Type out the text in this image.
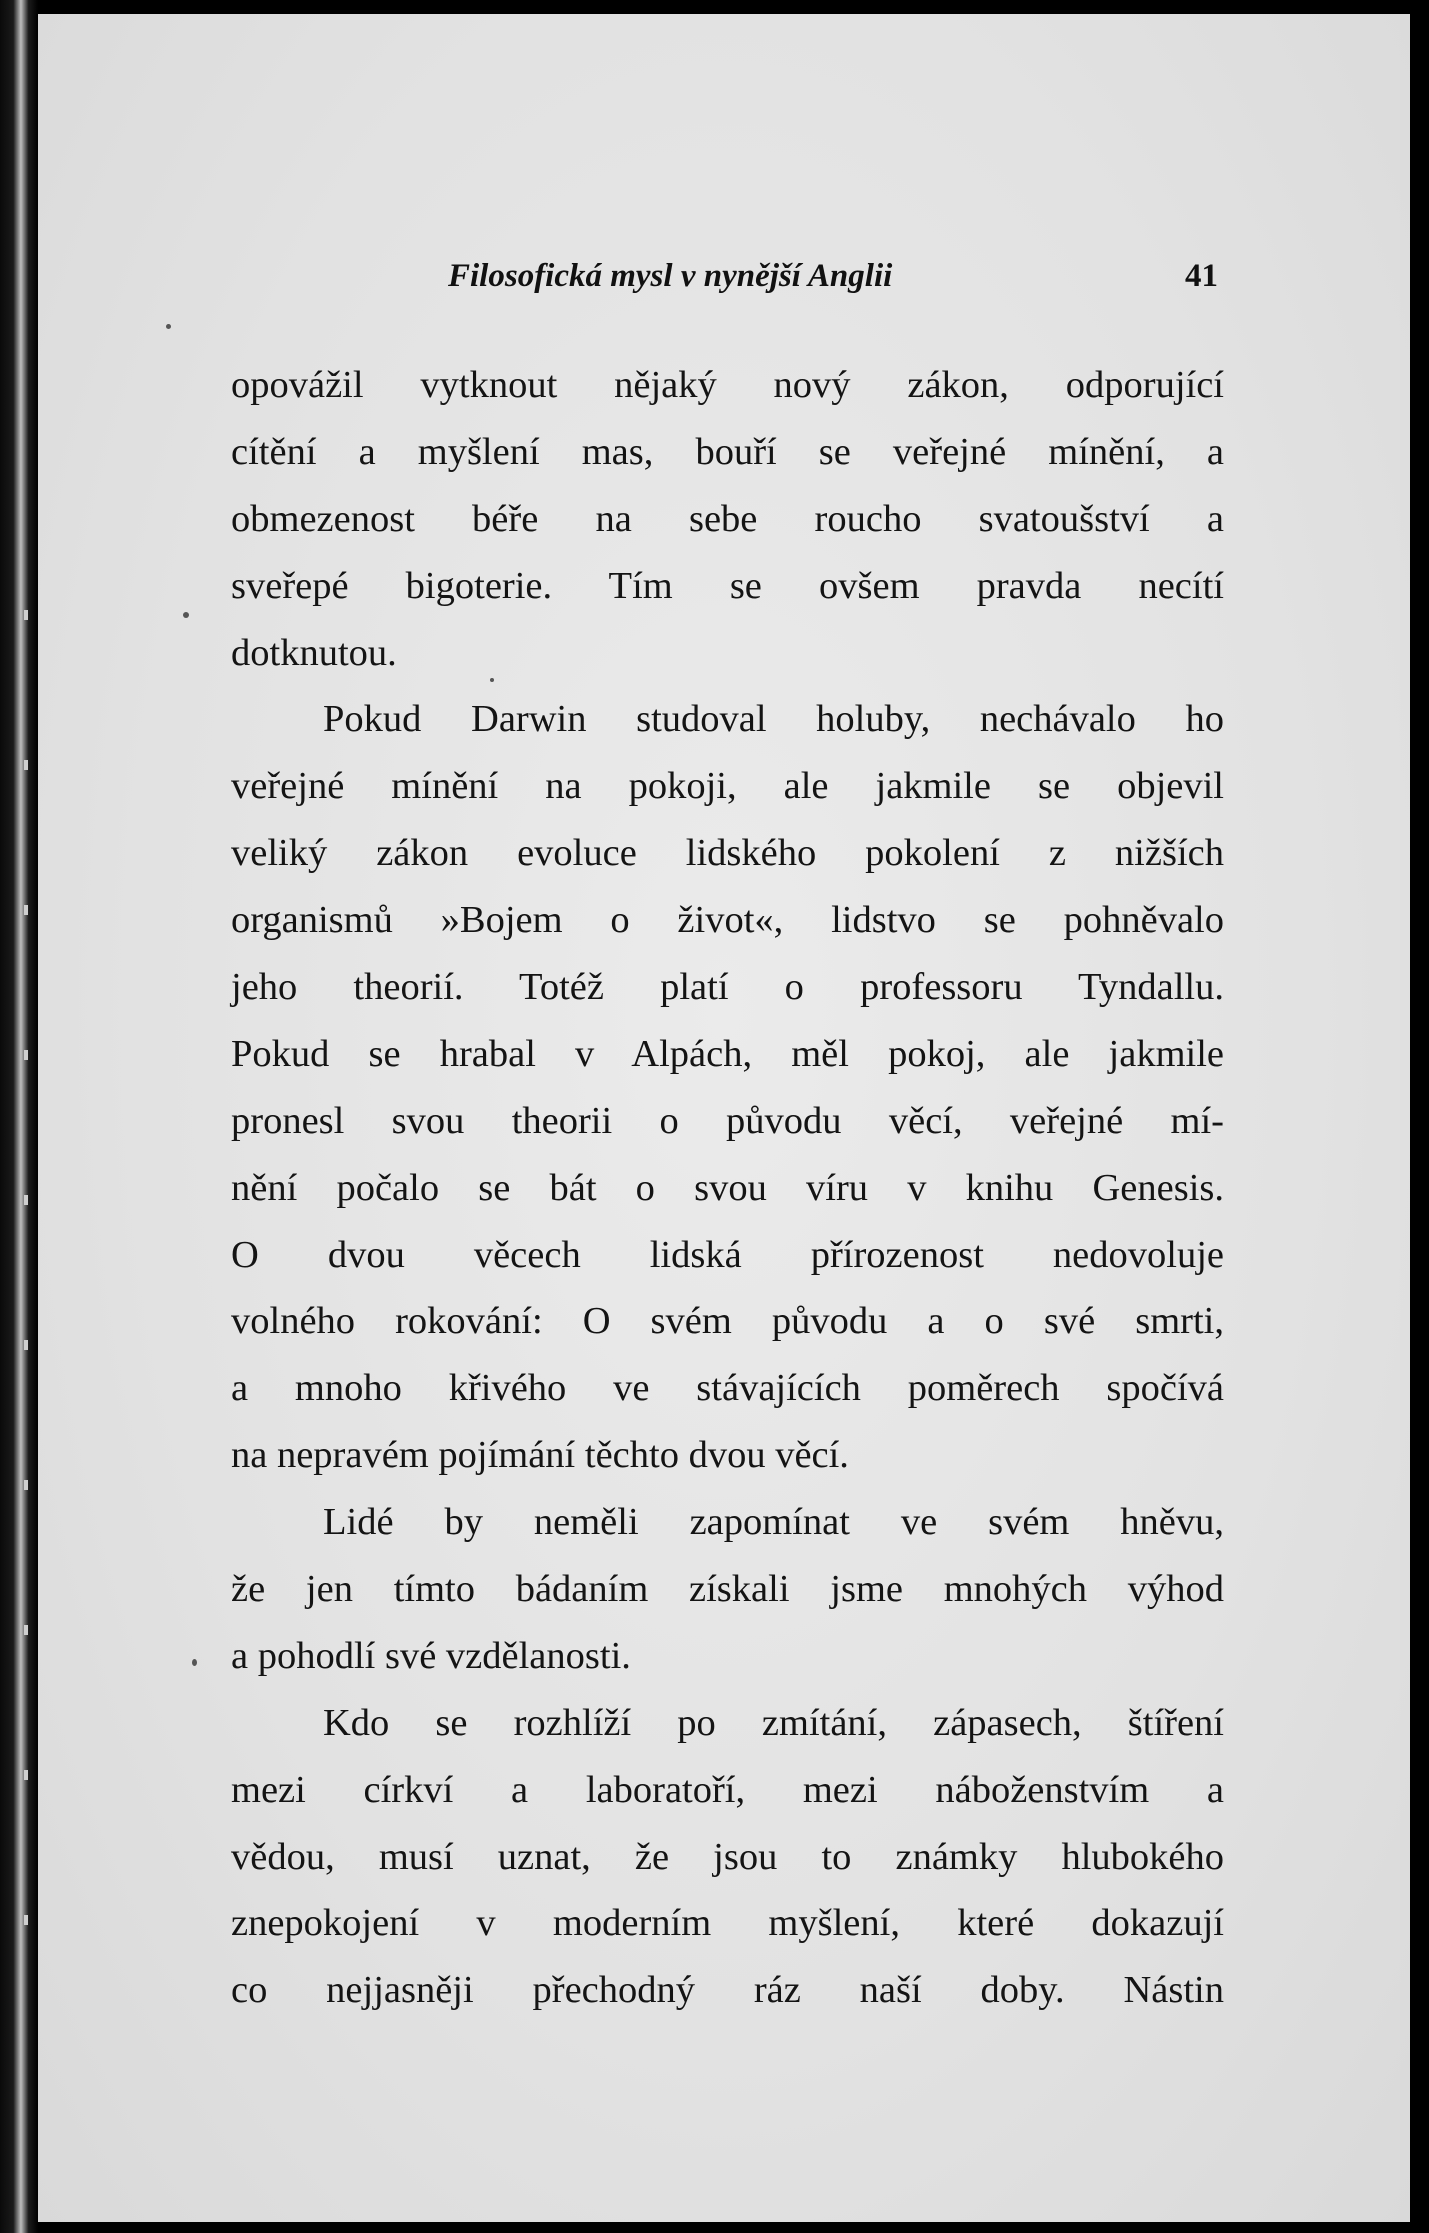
Filosofická mysl v nynější Anglii	41
opovážil vytknout nějaký nový zákon, odporující
cítění a myšlení mas, bouří se veřejné mínění, a
obmezenost béře na sebe roucho svatoušství a
sveřepé bigoterie. Tím se ovšem pravda necítí
dotknutou.
Pokud Darwin studoval holuby, nechávalo ho
veřejné mínění na pokoji, ale jakmile se objevil
veliký zákon evoluce lidského pokolení z nižších
organismů »Bojem o život«, lidstvo se pohněvalo
jeho theorií. Totéž platí o professoru Tyndallu.
Pokud se hrabal v Alpách, měl pokoj, ale jakmile
pronesl svou theorii o původu věcí, veřejné mí-
nění počalo se bát o svou víru v knihu Genesis.
O dvou věcech lidská přírozenost nedovoluje
volného rokování: O svém původu a o své smrti,
a mnoho křivého ve stávajících poměrech spočívá
na nepravém pojímání těchto dvou věcí.
Lidé by neměli zapomínat ve svém hněvu,
že jen tímto bádaním získali jsme mnohých výhod
a pohodlí své vzdělanosti.
Kdo se rozhlíží po zmítání, zápasech, štíření
mezi církví a laboratoří, mezi náboženstvím a
vědou, musí uznat, že jsou to známky hlubokého
znepokojení v moderním myšlení, které dokazují
co nejjasněji přechodný ráz naší doby. Nástin
